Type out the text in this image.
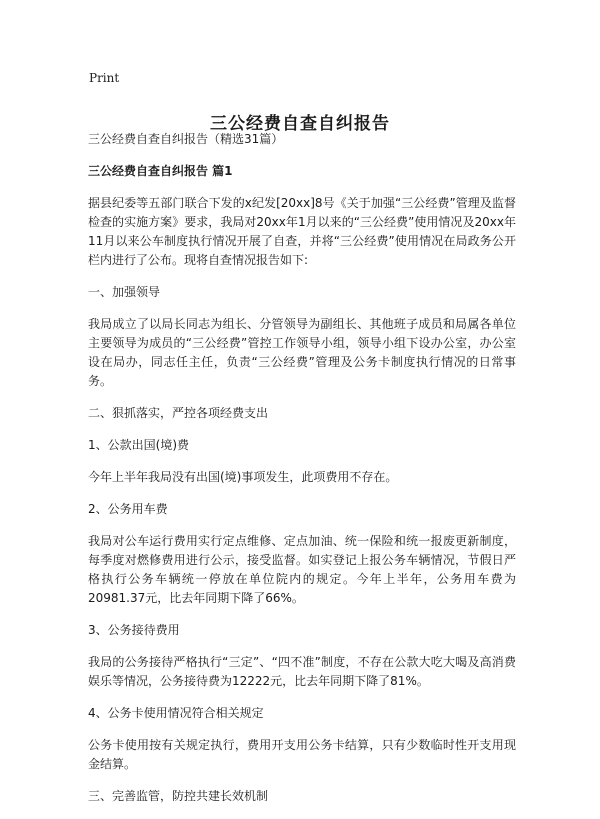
Print
三公经费自查自纠报告

三公经费自查自纠报告（精选31篇）

三公经费自查自纠报告 篇1

据县纪委等五部门联合下发的x纪发[20xx]8号《关于加强“三公经费”管理及监督检查的实施方案》要求，我局对20xx年1月以来的“三公经费”使用情况及20xx年11月以来公车制度执行情况开展了自查，并将“三公经费”使用情况在局政务公开栏内进行了公布。现将自查情况报告如下:

一、加强领导

我局成立了以局长同志为组长、分管领导为副组长、其他班子成员和局属各单位主要领导为成员的“三公经费”管控工作领导小组，领导小组下设办公室，办公室设在局办，同志任主任，负责“三公经费”管理及公务卡制度执行情况的日常事务。

二、狠抓落实，严控各项经费支出

1、公款出国(境)费

今年上半年我局没有出国(境)事项发生，此项费用不存在。

2、公务用车费

我局对公车运行费用实行定点维修、定点加油、统一保险和统一报废更新制度，每季度对燃修费用进行公示，接受监督。如实登记上报公务车辆情况，节假日严格执行公务车辆统一停放在单位院内的规定。今年上半年，公务用车费为20981.37元，比去年同期下降了66%。

3、公务接待费用

我局的公务接待严格执行“三定”、“四不准”制度，不存在公款大吃大喝及高消费娱乐等情况，公务接待费为12222元，比去年同期下降了81%。

4、公务卡使用情况符合相关规定

公务卡使用按有关规定执行，费用开支用公务卡结算，只有少数临时性开支用现金结算。

三、完善监管，防控共建长效机制
